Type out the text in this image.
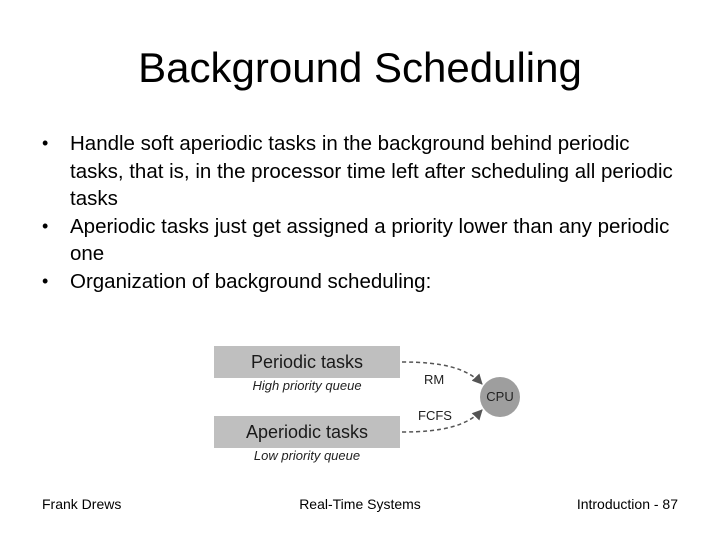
Background Scheduling
• Handle soft aperiodic tasks in the background behind periodic tasks, that is, in the processor time left after scheduling all periodic tasks
• Aperiodic tasks just get assigned a priority lower than any periodic one
• Organization of background scheduling:
Periodic tasks
High priority queue
Aperiodic tasks
Low priority queue
RM
FCFS
CPU
Frank Drews	Real-Time Systems	Introduction - 87
